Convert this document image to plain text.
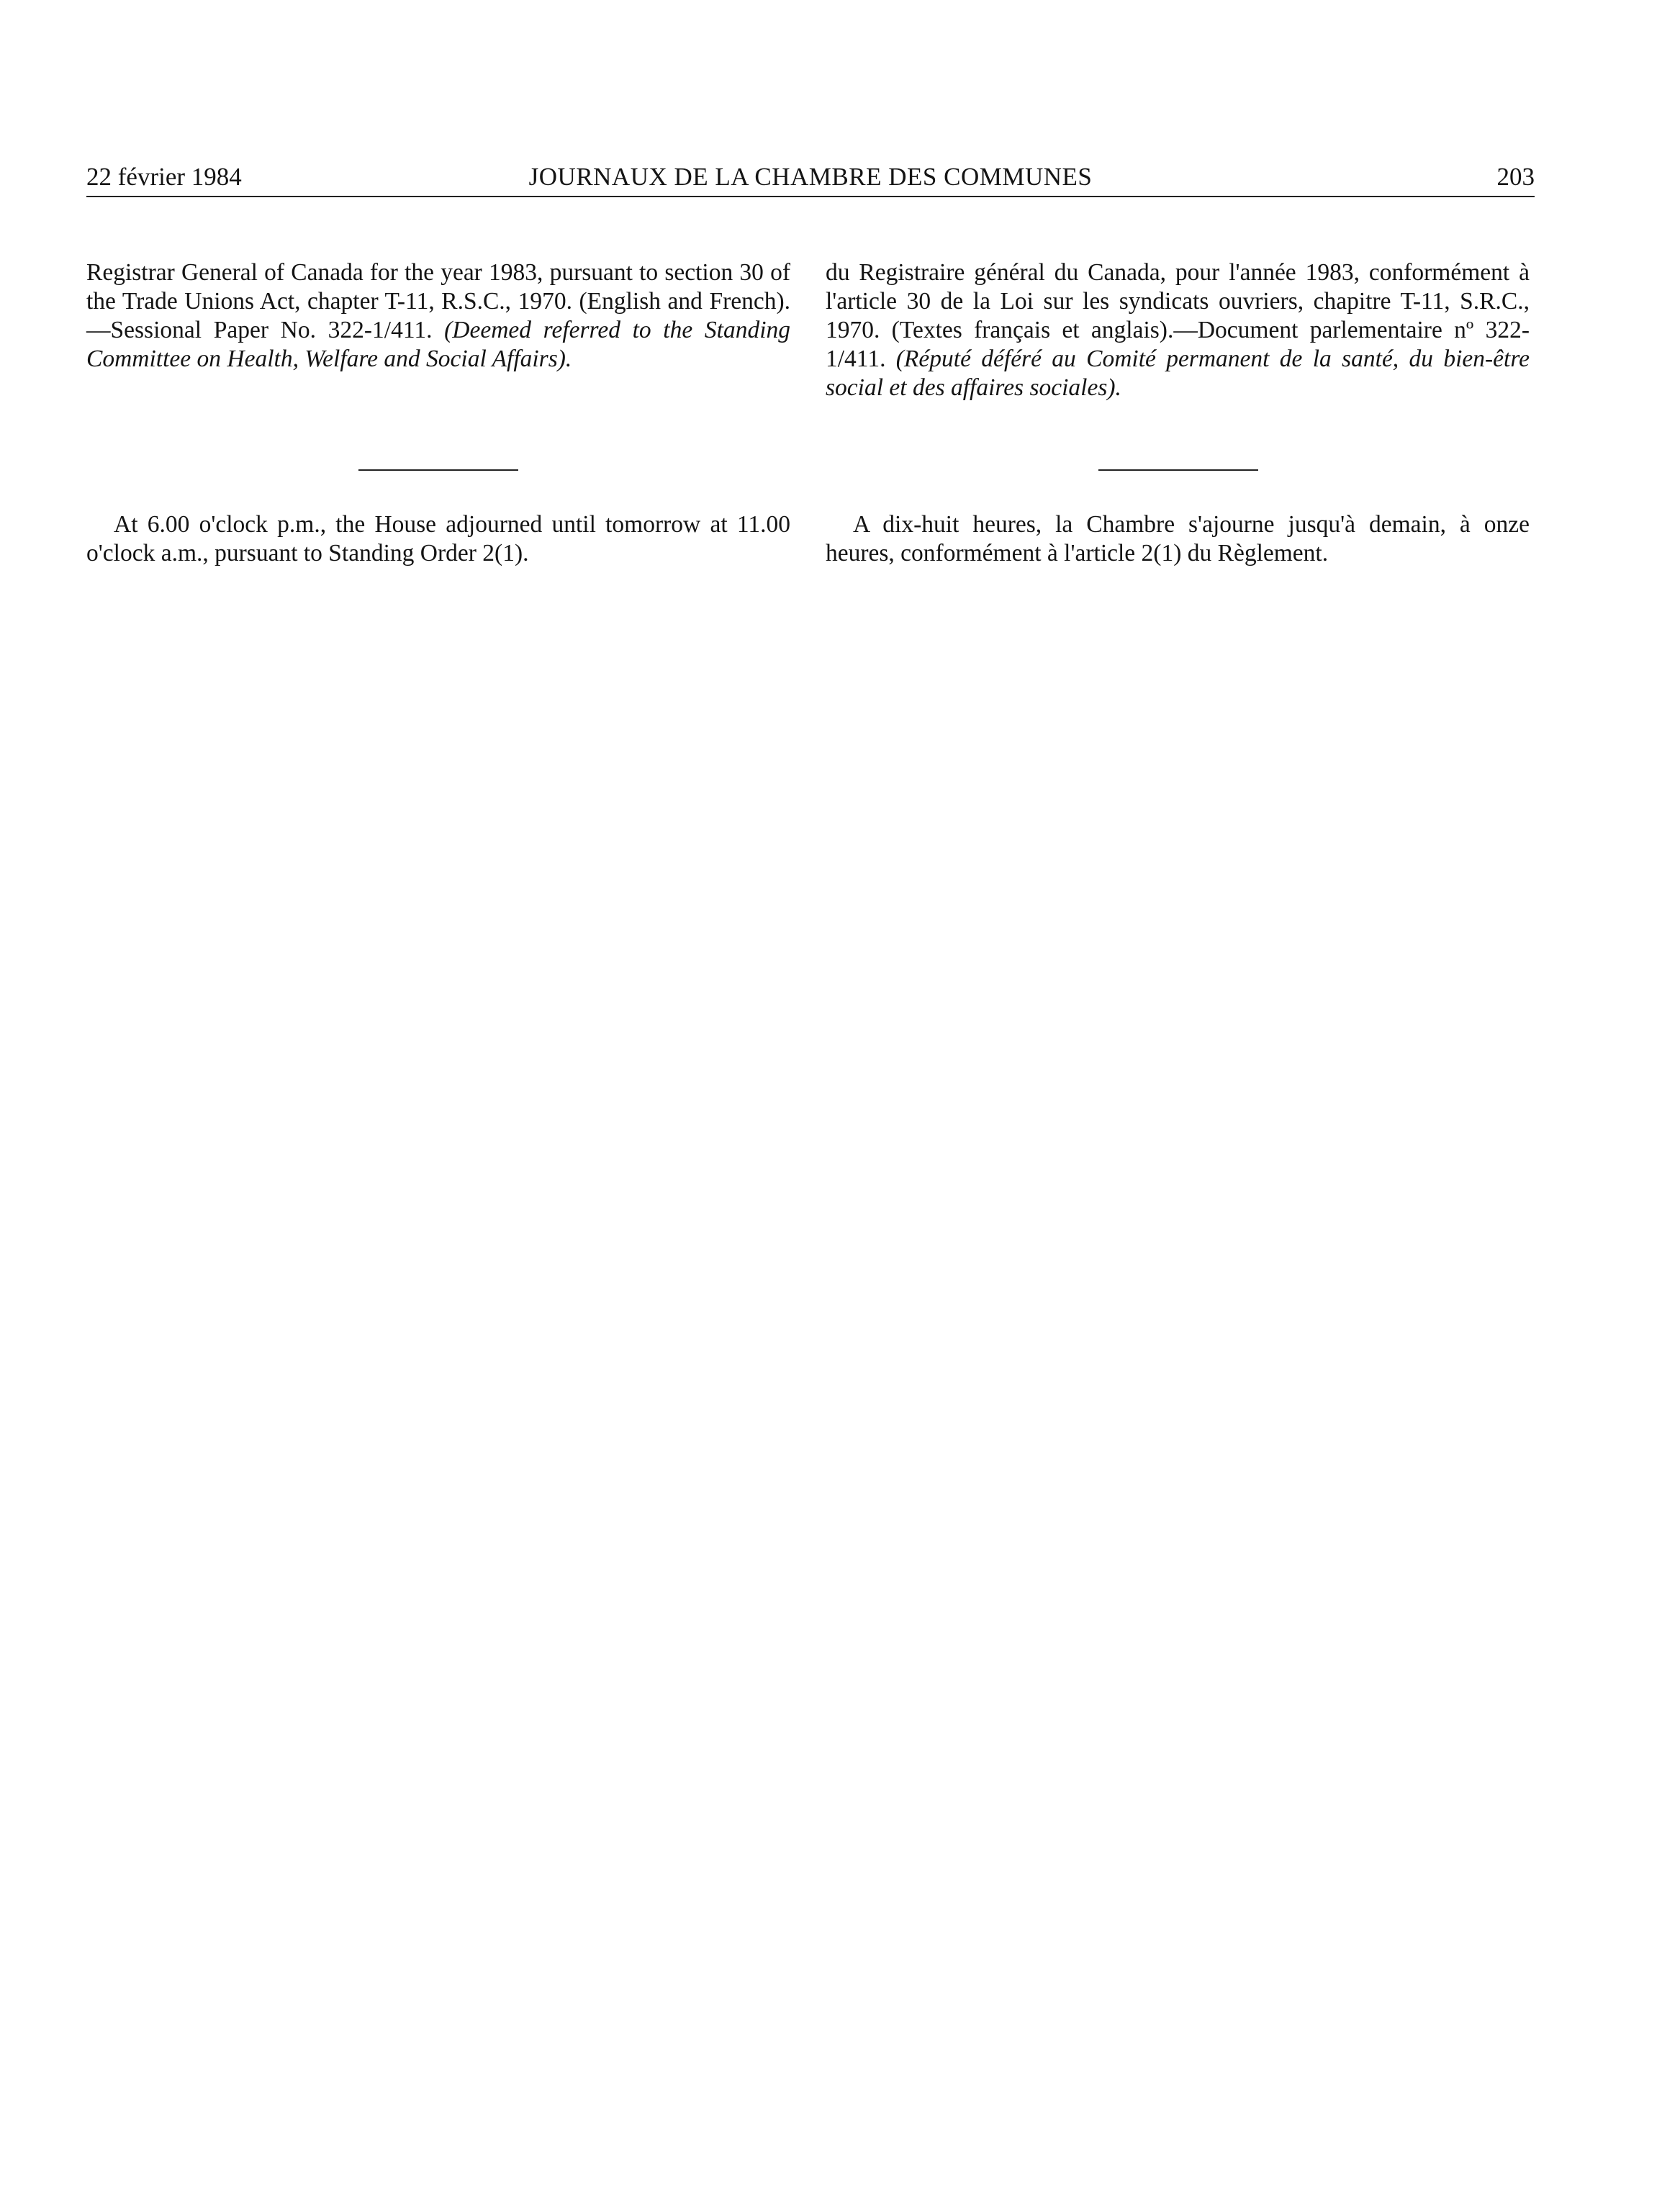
22 février 1984	JOURNAUX DE LA CHAMBRE DES COMMUNES	203

Registrar General of Canada for the year 1983, pursuant to section 30 of the Trade Unions Act, chapter T-11, R.S.C., 1970. (English and French).—Sessional Paper No. 322-1/411. (Deemed referred to the Standing Committee on Health, Welfare and Social Affairs).

du Registraire général du Canada, pour l'année 1983, conformément à l'article 30 de la Loi sur les syndicats ouvriers, chapitre T-11, S.R.C., 1970. (Textes français et anglais).—Document parlementaire nº 322-1/411. (Réputé déféré au Comité permanent de la santé, du bien-être social et des affaires sociales).

At 6.00 o'clock p.m., the House adjourned until tomorrow at 11.00 o'clock a.m., pursuant to Standing Order 2(1).

A dix-huit heures, la Chambre s'ajourne jusqu'à demain, à onze heures, conformément à l'article 2(1) du Règlement.
